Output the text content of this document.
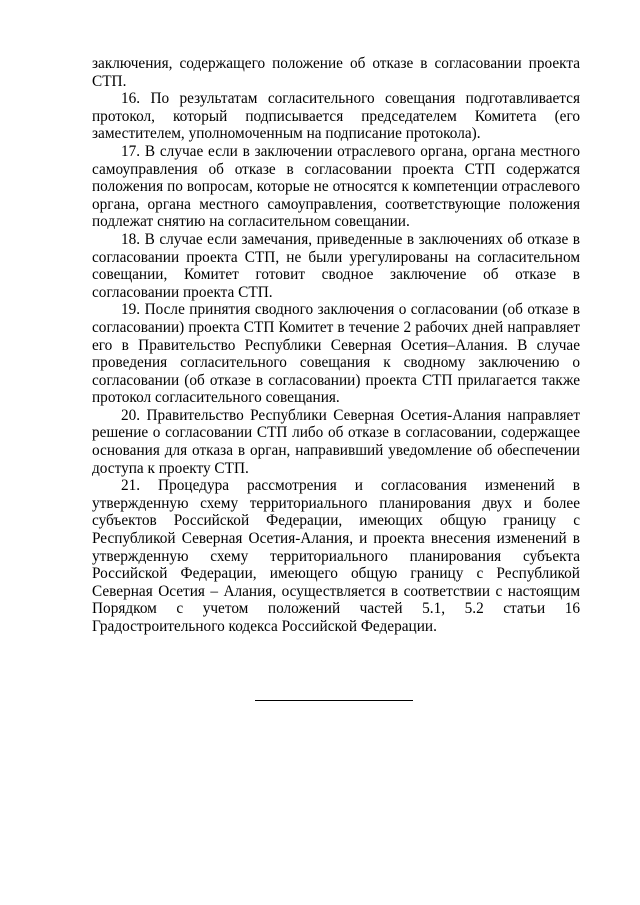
заключения, содержащего положение об отказе в согласовании проекта СТП.

16. По результатам согласительного совещания подготавливается протокол, который подписывается председателем Комитета (его заместителем, уполномоченным на подписание протокола).

17. В случае если в заключении отраслевого органа, органа местного самоуправления об отказе в согласовании проекта СТП содержатся положения по вопросам, которые не относятся к компетенции отраслевого органа, органа местного самоуправления, соответствующие положения подлежат снятию на согласительном совещании.

18. В случае если замечания, приведенные в заключениях об отказе в согласовании проекта СТП, не были урегулированы на согласительном совещании, Комитет готовит сводное заключение об отказе в согласовании проекта СТП.

19. После принятия сводного заключения о согласовании (об отказе в согласовании) проекта СТП Комитет в течение 2 рабочих дней направляет его в Правительство Республики Северная Осетия–Алания. В случае проведения согласительного совещания к сводному заключению о согласовании (об отказе в согласовании) проекта СТП прилагается также протокол согласительного совещания.

20. Правительство Республики Северная Осетия-Алания направляет решение о согласовании СТП либо об отказе в согласовании, содержащее основания для отказа в орган, направивший уведомление об обеспечении доступа к проекту СТП.

21. Процедура рассмотрения и согласования изменений в утвержденную схему территориального планирования двух и более субъектов Российской Федерации, имеющих общую границу с Республикой Северная Осетия-Алания, и проекта внесения изменений в утвержденную схему территориального планирования субъекта Российской Федерации, имеющего общую границу с Республикой Северная Осетия – Алания, осуществляется в соответствии с настоящим Порядком с учетом положений частей 5.1, 5.2 статьи 16 Градостроительного кодекса Российской Федерации.
